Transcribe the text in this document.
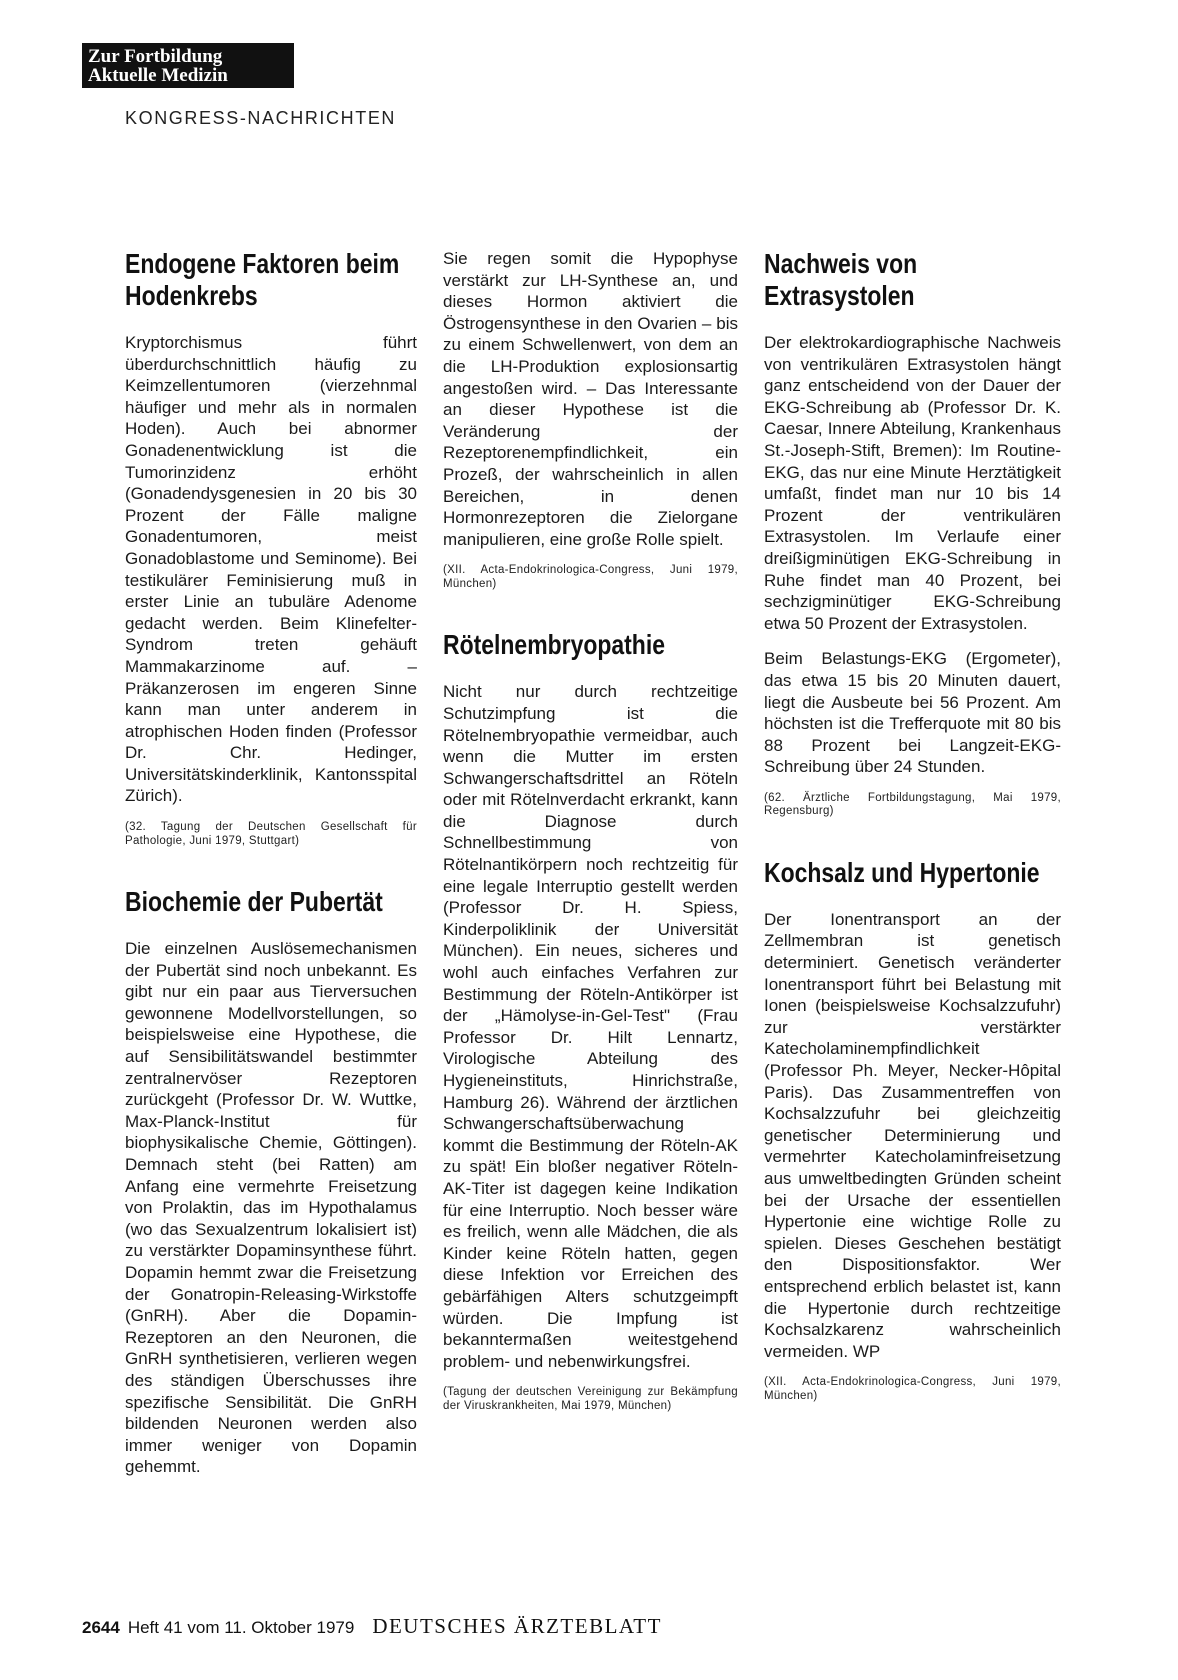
Zur Fortbildung
Aktuelle Medizin
KONGRESS-NACHRICHTEN
Endogene Faktoren beim Hodenkrebs

Kryptorchismus führt überdurchschnittlich häufig zu Keimzellentumoren (vierzehnmal häufiger und mehr als in normalen Hoden). Auch bei abnormer Gonadenentwicklung ist die Tumorinzidenz erhöht (Gonadendysgenesien in 20 bis 30 Prozent der Fälle maligne Gonadentumoren, meist Gonadoblastome und Seminome). Bei testikulärer Feminisierung muß in erster Linie an tubuläre Adenome gedacht werden. Beim Klinefelter-Syndrom treten gehäuft Mammakarzinome auf. – Präkanzerosen im engeren Sinne kann man unter anderem in atrophischen Hoden finden (Professor Dr. Chr. Hedinger, Universitätskinderklinik, Kantonsspital Zürich).

(32. Tagung der Deutschen Gesellschaft für Pathologie, Juni 1979, Stuttgart)

Biochemie der Pubertät

Die einzelnen Auslösemechanismen der Pubertät sind noch unbekannt. Es gibt nur ein paar aus Tierversuchen gewonnene Modellvorstellungen, so beispielsweise eine Hypothese, die auf Sensibilitätswandel bestimmter zentralnervöser Rezeptoren zurückgeht (Professor Dr. W. Wuttke, Max-Planck-Institut für biophysikalische Chemie, Göttingen). Demnach steht (bei Ratten) am Anfang eine vermehrte Freisetzung von Prolaktin, das im Hypothalamus (wo das Sexualzentrum lokalisiert ist) zu verstärkter Dopaminsynthese führt. Dopamin hemmt zwar die Freisetzung der Gonatropin-Releasing-Wirkstoffe (GnRH). Aber die Dopamin-Rezeptoren an den Neuronen, die GnRH synthetisieren, verlieren wegen des ständigen Überschusses ihre spezifische Sensibilität. Die GnRH bildenden Neuronen werden also immer weniger von Dopamin gehemmt.

Sie regen somit die Hypophyse verstärkt zur LH-Synthese an, und dieses Hormon aktiviert die Östrogensynthese in den Ovarien – bis zu einem Schwellenwert, von dem an die LH-Produktion explosionsartig angestoßen wird. – Das Interessante an dieser Hypothese ist die Veränderung der Rezeptorenempfindlichkeit, ein Prozeß, der wahrscheinlich in allen Bereichen, in denen Hormonrezeptoren die Zielorgane manipulieren, eine große Rolle spielt.

(XII. Acta-Endokrinologica-Congress, Juni 1979, München)

Rötelnembryopathie

Nicht nur durch rechtzeitige Schutzimpfung ist die Rötelnembryopathie vermeidbar, auch wenn die Mutter im ersten Schwangerschaftsdrittel an Röteln oder mit Rötelnverdacht erkrankt, kann die Diagnose durch Schnellbestimmung von Rötelnantikörpern noch rechtzeitig für eine legale Interruptio gestellt werden (Professor Dr. H. Spiess, Kinderpoliklinik der Universität München). Ein neues, sicheres und wohl auch einfaches Verfahren zur Bestimmung der Röteln-Antikörper ist der „Hämolyse-in-Gel-Test" (Frau Professor Dr. Hilt Lennartz, Virologische Abteilung des Hygieneinstituts, Hinrichstraße, Hamburg 26). Während der ärztlichen Schwangerschaftsüberwachung kommt die Bestimmung der Röteln-AK zu spät! Ein bloßer negativer Röteln-AK-Titer ist dagegen keine Indikation für eine Interruptio. Noch besser wäre es freilich, wenn alle Mädchen, die als Kinder keine Röteln hatten, gegen diese Infektion vor Erreichen des gebärfähigen Alters schutzgeimpft würden. Die Impfung ist bekanntermaßen weitestgehend problem- und nebenwirkungsfrei.

(Tagung der deutschen Vereinigung zur Bekämpfung der Viruskrankheiten, Mai 1979, München)

Nachweis von Extrasystolen

Der elektrokardiographische Nachweis von ventrikulären Extrasystolen hängt ganz entscheidend von der Dauer der EKG-Schreibung ab (Professor Dr. K. Caesar, Innere Abteilung, Krankenhaus St.-Joseph-Stift, Bremen): Im Routine-EKG, das nur eine Minute Herztätigkeit umfaßt, findet man nur 10 bis 14 Prozent der ventrikulären Extrasystolen. Im Verlaufe einer dreißigminütigen EKG-Schreibung in Ruhe findet man 40 Prozent, bei sechzigminütiger EKG-Schreibung etwa 50 Prozent der Extrasystolen.

Beim Belastungs-EKG (Ergometer), das etwa 15 bis 20 Minuten dauert, liegt die Ausbeute bei 56 Prozent. Am höchsten ist die Trefferquote mit 80 bis 88 Prozent bei Langzeit-EKG-Schreibung über 24 Stunden.

(62. Ärztliche Fortbildungstagung, Mai 1979, Regensburg)

Kochsalz und Hypertonie

Der Ionentransport an der Zellmembran ist genetisch determiniert. Genetisch veränderter Ionentransport führt bei Belastung mit Ionen (beispielsweise Kochsalzzufuhr) zur verstärkter Katecholaminempfindlichkeit (Professor Ph. Meyer, Necker-Hôpital Paris). Das Zusammentreffen von Kochsalzzufuhr bei gleichzeitig genetischer Determinierung und vermehrter Katecholaminfreisetzung aus umweltbedingten Gründen scheint bei der Ursache der essentiellen Hypertonie eine wichtige Rolle zu spielen. Dieses Geschehen bestätigt den Dispositionsfaktor. Wer entsprechend erblich belastet ist, kann die Hypertonie durch rechtzeitige Kochsalzkarenz wahrscheinlich vermeiden. WP

(XII. Acta-Endokrinologica-Congress, Juni 1979, München)

2644 Heft 41 vom 11. Oktober 1979 DEUTSCHES ÄRZTEBLATT
